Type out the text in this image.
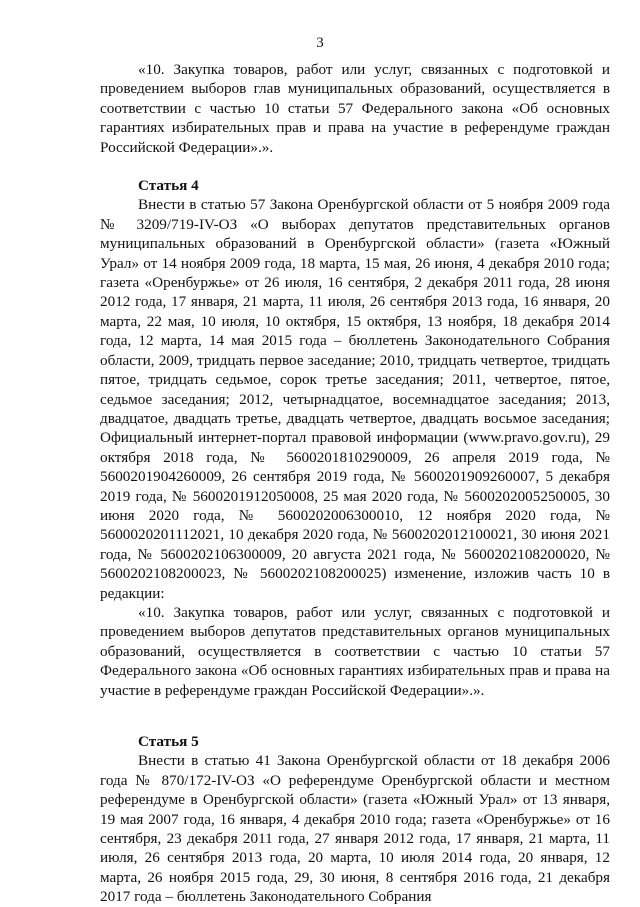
3

«10. Закупка товаров, работ или услуг, связанных с подготовкой и проведением выборов глав муниципальных образований, осуществляется в соответствии с частью 10 статьи 57 Федерального закона «Об основных гарантиях избирательных прав и права на участие в референдуме граждан Российской Федерации».».

Статья 4

Внести в статью 57 Закона Оренбургской области от 5 ноября 2009 года № 3209/719-IV-ОЗ «О выборах депутатов представительных органов муниципальных образований в Оренбургской области» (газета «Южный Урал» от 14 ноября 2009 года, 18 марта, 15 мая, 26 июня, 4 декабря 2010 года; газета «Оренбуржье» от 26 июля, 16 сентября, 2 декабря 2011 года, 28 июня 2012 года, 17 января, 21 марта, 11 июля, 26 сентября 2013 года, 16 января, 20 марта, 22 мая, 10 июля, 10 октября, 15 октября, 13 ноября, 18 декабря 2014 года, 12 марта, 14 мая 2015 года – бюллетень Законодательного Собрания области, 2009, тридцать первое заседание; 2010, тридцать четвертое, тридцать пятое, тридцать седьмое, сорок третье заседания; 2011, четвертое, пятое, седьмое заседания; 2012, четырнадцатое, восемнадцатое заседания; 2013, двадцатое, двадцать третье, двадцать четвертое, двадцать восьмое заседания; Официальный интернет-портал правовой информации (www.pravo.gov.ru), 29 октября 2018 года, № 5600201810290009, 26 апреля 2019 года, № 5600201904260009, 26 сентября 2019 года, № 5600201909260007, 5 декабря 2019 года, № 5600201912050008, 25 мая 2020 года, № 5600202005250005, 30 июня 2020 года, № 5600202006300010, 12 ноября 2020 года, № 5600020201112021, 10 декабря 2020 года, № 5600202012100021, 30 июня 2021 года, № 5600202106300009, 20 августа 2021 года, № 5600202108200020, № 5600202108200023, № 5600202108200025) изменение, изложив часть 10 в редакции:

«10. Закупка товаров, работ или услуг, связанных с подготовкой и проведением выборов депутатов представительных органов муниципальных образований, осуществляется в соответствии с частью 10 статьи 57 Федерального закона «Об основных гарантиях избирательных прав и права на участие в референдуме граждан Российской Федерации».».

Статья 5

Внести в статью 41 Закона Оренбургской области от 18 декабря 2006 года № 870/172-IV-ОЗ «О референдуме Оренбургской области и местном референдуме в Оренбургской области» (газета «Южный Урал» от 13 января, 19 мая 2007 года, 16 января, 4 декабря 2010 года; газета «Оренбуржье» от 16 сентября, 23 декабря 2011 года, 27 января 2012 года, 17 января, 21 марта, 11 июля, 26 сентября 2013 года, 20 марта, 10 июля 2014 года, 20 января, 12 марта, 26 ноября 2015 года, 29, 30 июня, 8 сентября 2016 года, 21 декабря 2017 года – бюллетень Законодательного Собрания
